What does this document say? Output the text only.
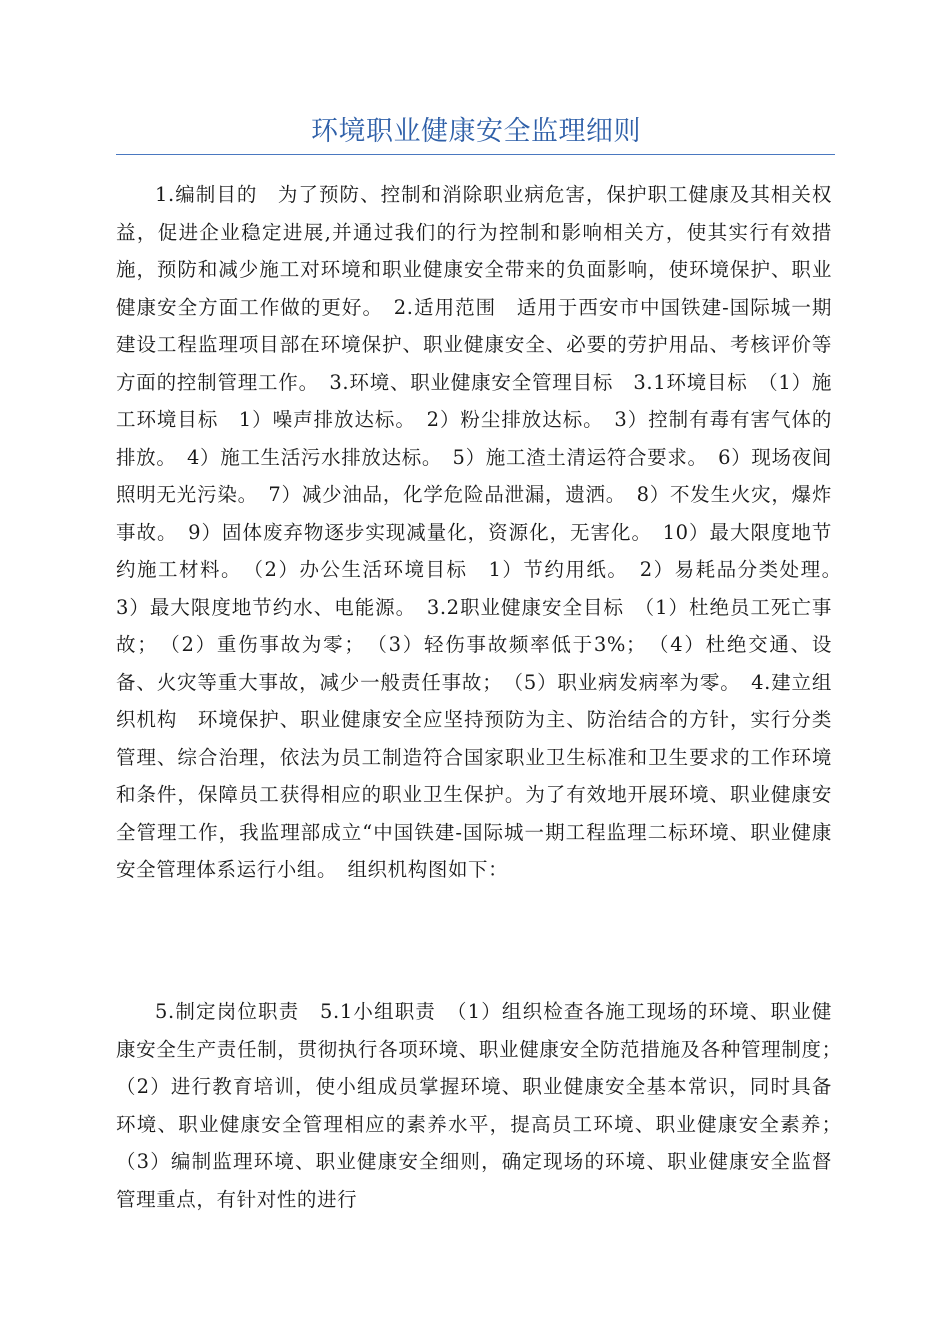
环境职业健康安全监理细则

1.编制目的　为了预防、控制和消除职业病危害，保护职工健康及其相关权益，促进企业稳定进展,并通过我们的行为控制和影响相关方，使其实行有效措施，预防和减少施工对环境和职业健康安全带来的负面影响，使环境保护、职业健康安全方面工作做的更好。　2.适用范围　适用于西安市中国铁建-国际城一期建设工程监理项目部在环境保护、职业健康安全、必要的劳护用品、考核评价等方面的控制管理工作。　3.环境、职业健康安全管理目标　3.1环境目标　（1）施工环境目标　1）噪声排放达标。　2）粉尘排放达标。　3）控制有毒有害气体的排放。　4）施工生活污水排放达标。　5）施工渣土清运符合要求。　6）现场夜间照明无光污染。　7）减少油品，化学危险品泄漏，遗洒。　8）不发生火灾，爆炸事故。　9）固体废弃物逐步实现减量化，资源化，无害化。　10）最大限度地节约施工材料。　（2）办公生活环境目标　1）节约用纸。　2）易耗品分类处理。　3）最大限度地节约水、电能源。　3.2职业健康安全目标　（1）杜绝员工死亡事故；　（2）重伤事故为零；　（3）轻伤事故频率低于3%；　（4）杜绝交通、设备、火灾等重大事故，减少一般责任事故；　（5）职业病发病率为零。　4.建立组织机构　环境保护、职业健康安全应坚持预防为主、防治结合的方针，实行分类管理、综合治理，依法为员工制造符合国家职业卫生标准和卫生要求的工作环境和条件，保障员工获得相应的职业卫生保护。为了有效地开展环境、职业健康安全管理工作，我监理部成立“中国铁建-国际城一期工程监理二标环境、职业健康安全管理体系运行小组。　组织机构图如下：

5.制定岗位职责　5.1小组职责　（1）组织检查各施工现场的环境、职业健康安全生产责任制，贯彻执行各项环境、职业健康安全防范措施及各种管理制度；　（2）进行教育培训，使小组成员掌握环境、职业健康安全基本常识，同时具备环境、职业健康安全管理相应的素养水平，提高员工环境、职业健康安全素养；　（3）编制监理环境、职业健康安全细则，确定现场的环境、职业健康安全监督管理重点，有针对性的进行
